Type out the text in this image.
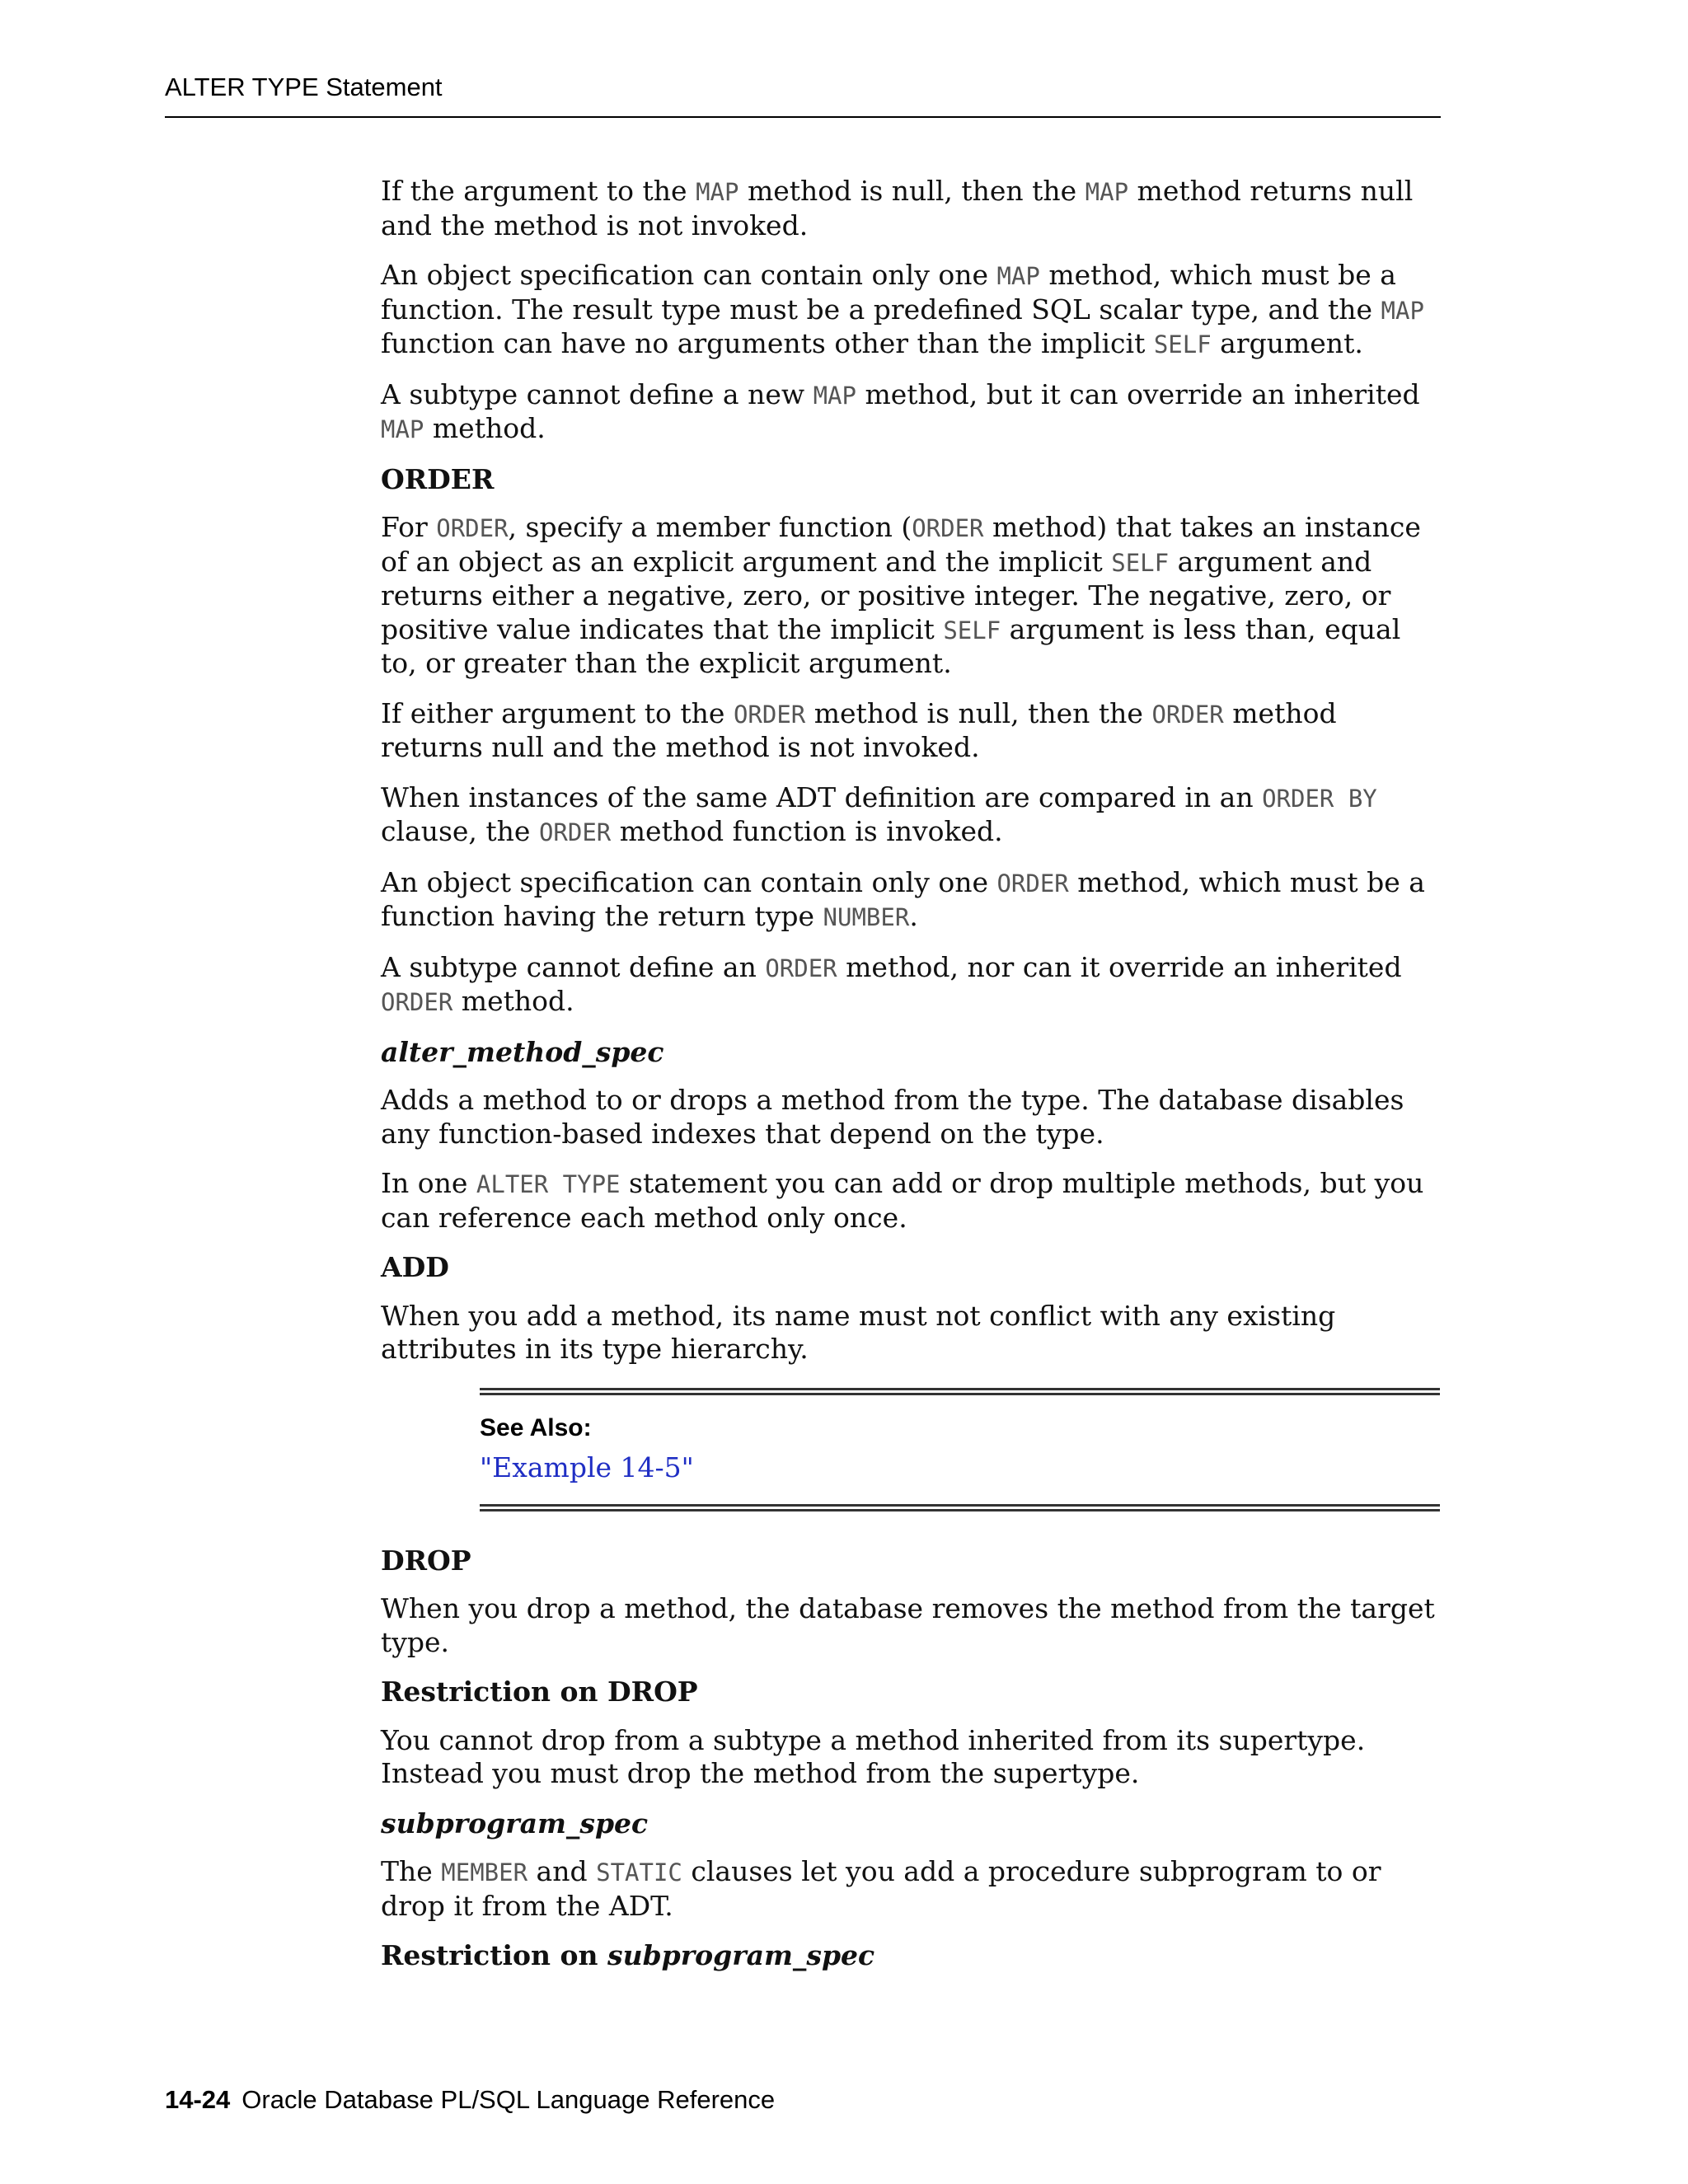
ALTER TYPE Statement

If the argument to the MAP method is null, then the MAP method returns null and the method is not invoked.

An object specification can contain only one MAP method, which must be a function. The result type must be a predefined SQL scalar type, and the MAP function can have no arguments other than the implicit SELF argument.

A subtype cannot define a new MAP method, but it can override an inherited MAP method.

ORDER

For ORDER, specify a member function (ORDER method) that takes an instance of an object as an explicit argument and the implicit SELF argument and returns either a negative, zero, or positive integer. The negative, zero, or positive value indicates that the implicit SELF argument is less than, equal to, or greater than the explicit argument.

If either argument to the ORDER method is null, then the ORDER method returns null and the method is not invoked.

When instances of the same ADT definition are compared in an ORDER BY clause, the ORDER method function is invoked.

An object specification can contain only one ORDER method, which must be a function having the return type NUMBER.

A subtype cannot define an ORDER method, nor can it override an inherited ORDER method.

alter_method_spec

Adds a method to or drops a method from the type. The database disables any function-based indexes that depend on the type.

In one ALTER TYPE statement you can add or drop multiple methods, but you can reference each method only once.

ADD

When you add a method, its name must not conflict with any existing attributes in its type hierarchy.

See Also:
"Example 14-5"
DROP

When you drop a method, the database removes the method from the target type.

Restriction on DROP

You cannot drop from a subtype a method inherited from its supertype. Instead you must drop the method from the supertype.

subprogram_spec

The MEMBER and STATIC clauses let you add a procedure subprogram to or drop it from the ADT.

Restriction on subprogram_spec
14-24 Oracle Database PL/SQL Language Reference
